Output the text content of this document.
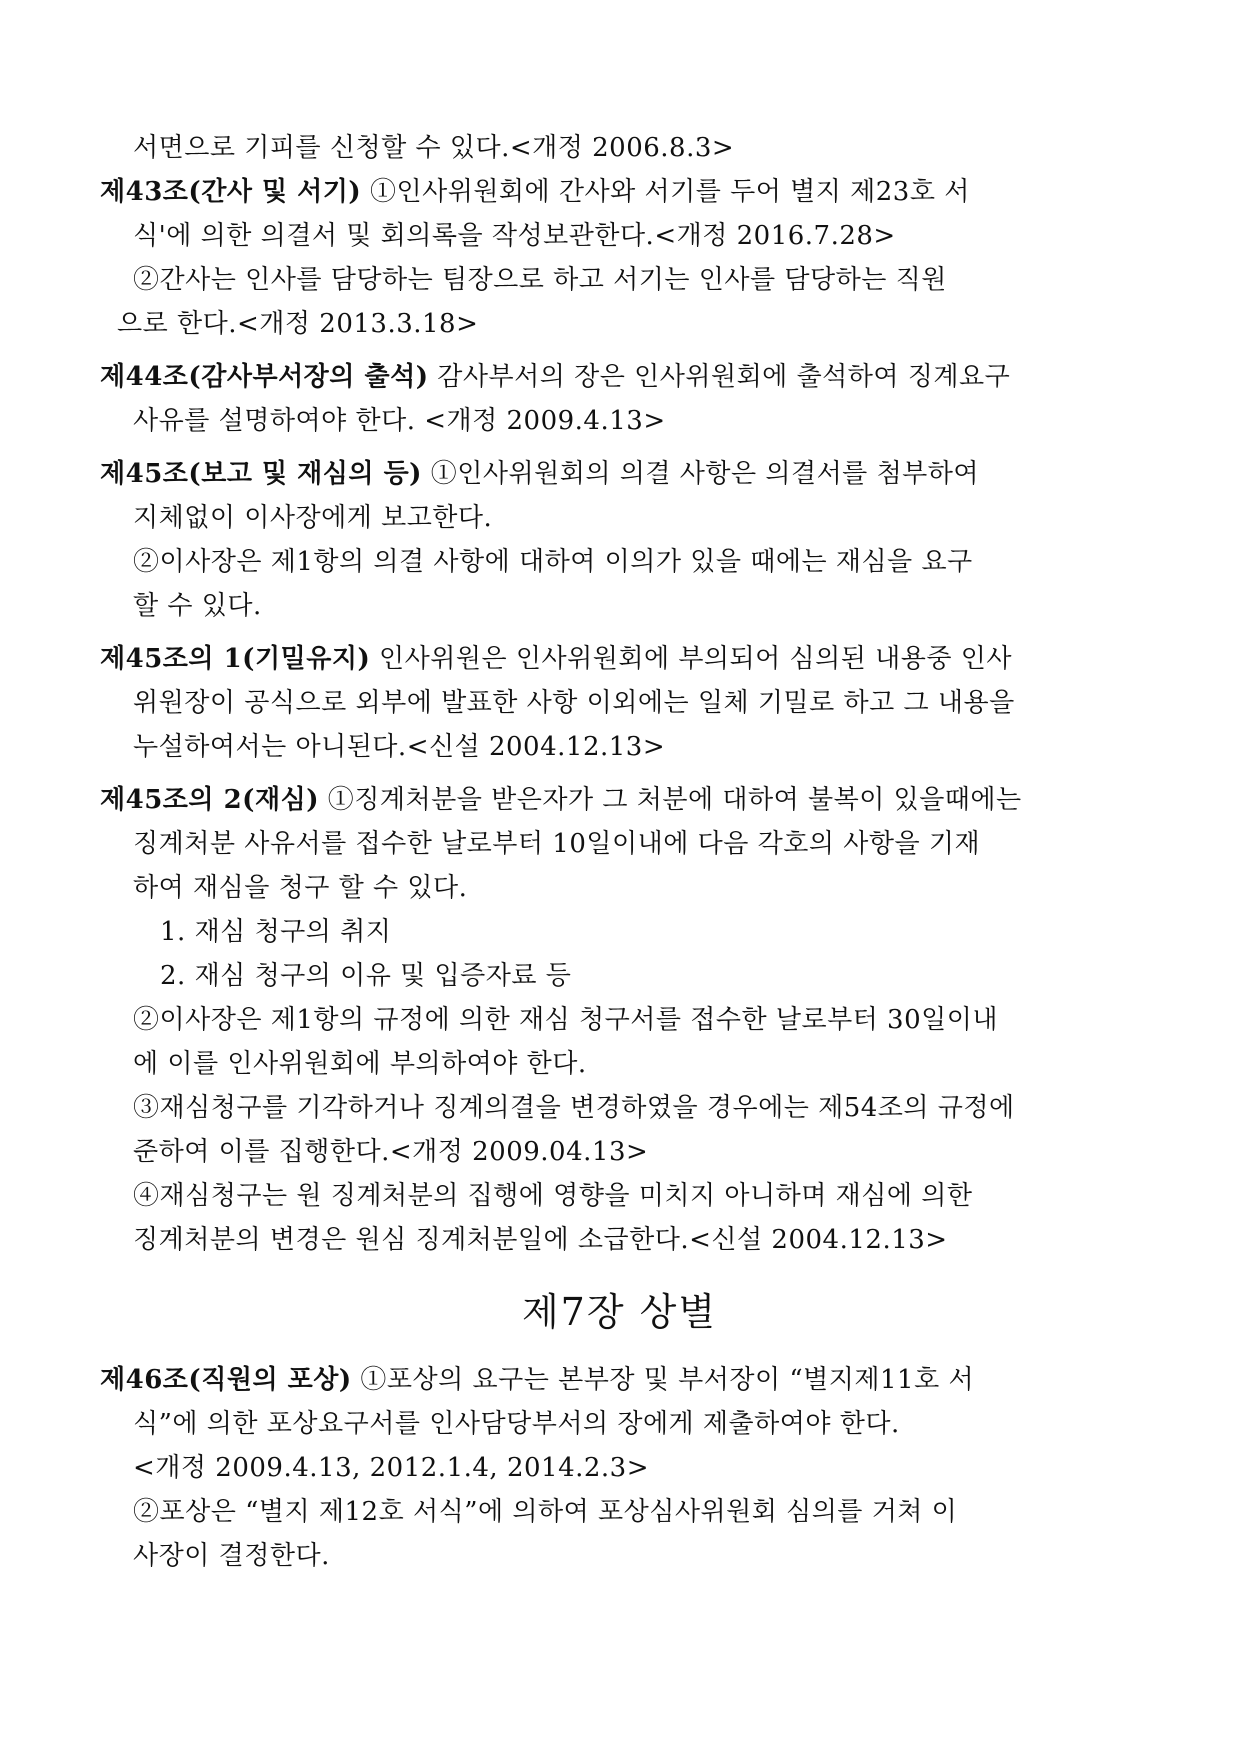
서면으로 기피를 신청할 수 있다.<개정 2006.8.3>
제43조(간사 및 서기) ①인사위원회에 간사와 서기를 두어 별지 제23호 서
식'에 의한 의결서 및 회의록을 작성보관한다.<개정 2016.7.28>
②간사는 인사를 담당하는 팀장으로 하고 서기는 인사를 담당하는 직원
으로 한다.<개정 2013.3.18>
제44조(감사부서장의 출석) 감사부서의 장은 인사위원회에 출석하여 징계요구
사유를 설명하여야 한다. <개정 2009.4.13>
제45조(보고 및 재심의 등) ①인사위원회의 의결 사항은 의결서를 첨부하여
지체없이 이사장에게 보고한다.
②이사장은 제1항의 의결 사항에 대하여 이의가 있을 때에는 재심을 요구
할 수 있다.
제45조의 1(기밀유지) 인사위원은 인사위원회에 부의되어 심의된 내용중 인사
위원장이 공식으로 외부에 발표한 사항 이외에는 일체 기밀로 하고 그 내용을
누설하여서는 아니된다.<신설 2004.12.13>
제45조의 2(재심) ①징계처분을 받은자가 그 처분에 대하여 불복이 있을때에는
징계처분 사유서를 접수한 날로부터 10일이내에 다음 각호의 사항을 기재
하여 재심을 청구 할 수 있다.
1. 재심 청구의 취지
2. 재심 청구의 이유 및 입증자료 등
②이사장은 제1항의 규정에 의한 재심 청구서를 접수한 날로부터 30일이내
에 이를 인사위원회에 부의하여야 한다.
③재심청구를 기각하거나 징계의결을 변경하였을 경우에는 제54조의 규정에
준하여 이를 집행한다.<개정 2009.04.13>
④재심청구는 원 징계처분의 집행에 영향을 미치지 아니하며 재심에 의한
징계처분의 변경은 원심 징계처분일에 소급한다.<신설 2004.12.13>
제7장 상별
제46조(직원의 포상) ①포상의 요구는 본부장 및 부서장이 “별지제11호 서
식”에 의한 포상요구서를 인사담당부서의 장에게 제출하여야 한다.
<개정 2009.4.13, 2012.1.4, 2014.2.3>
②포상은 “별지 제12호 서식”에 의하여 포상심사위원회 심의를 거쳐 이
사장이 결정한다.
